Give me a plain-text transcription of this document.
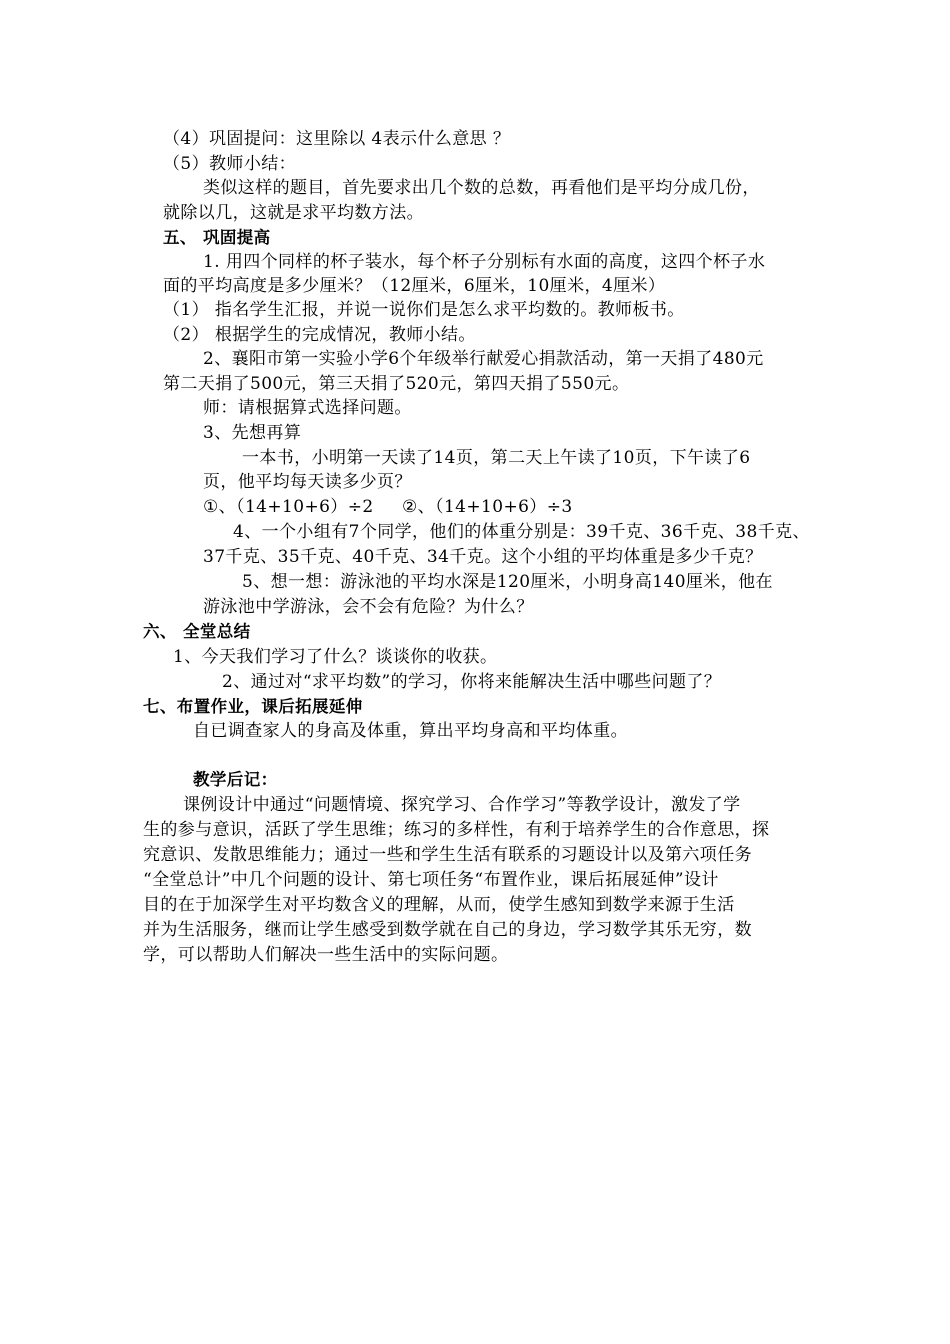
（4）巩固提问：这里除以 4表示什么意思 ？
（5）教师小结：
类似这样的题目，首先要求出几个数的总数，再看他们是平均分成几份，
就除以几，这就是求平均数方法。
五、 巩固提高
1. 用四个同样的杯子装水，每个杯子分别标有水面的高度，这四个杯子水
面的平均高度是多少厘米？（12厘米，6厘米，10厘米，4厘米）
（1） 指名学生汇报，并说一说你们是怎么求平均数的。教师板书。
（2） 根据学生的完成情况，教师小结。
2、襄阳市第一实验小学6个年级举行献爱心捐款活动，第一天捐了480元
第二天捐了500元，第三天捐了520元，第四天捐了550元。
师：请根据算式选择问题。
3、先想再算
一本书，小明第一天读了14页，第二天上午读了10页，下午读了6
页，他平均每天读多少页？
①、（14+10+6）÷2 ②、（14+10+6）÷3
4、一个小组有7个同学，他们的体重分别是：39千克、36千克、38千克、
37千克、35千克、40千克、34千克。这个小组的平均体重是多少千克？
5、想一想：游泳池的平均水深是120厘米，小明身高140厘米，他在
游泳池中学游泳，会不会有危险？为什么？
六、 全堂总结
1、今天我们学习了什么？谈谈你的收获。
2、通过对“求平均数”的学习，你将来能解决生活中哪些问题了？
七、布置作业，课后拓展延伸
自已调查家人的身高及体重，算出平均身高和平均体重。
教学后记：
课例设计中通过“问题情境、探究学习、合作学习”等教学设计，激发了学
生的参与意识，活跃了学生思维；练习的多样性，有利于培养学生的合作意思，探
究意识、发散思维能力；通过一些和学生生活有联系的习题设计以及第六项任务
“全堂总计”中几个问题的设计、第七项任务“布置作业，课后拓展延伸”设计
目的在于加深学生对平均数含义的理解，从而，使学生感知到数学来源于生活
并为生活服务，继而让学生感受到数学就在自己的身边，学习数学其乐无穷，数
学，可以帮助人们解决一些生活中的实际问题。
